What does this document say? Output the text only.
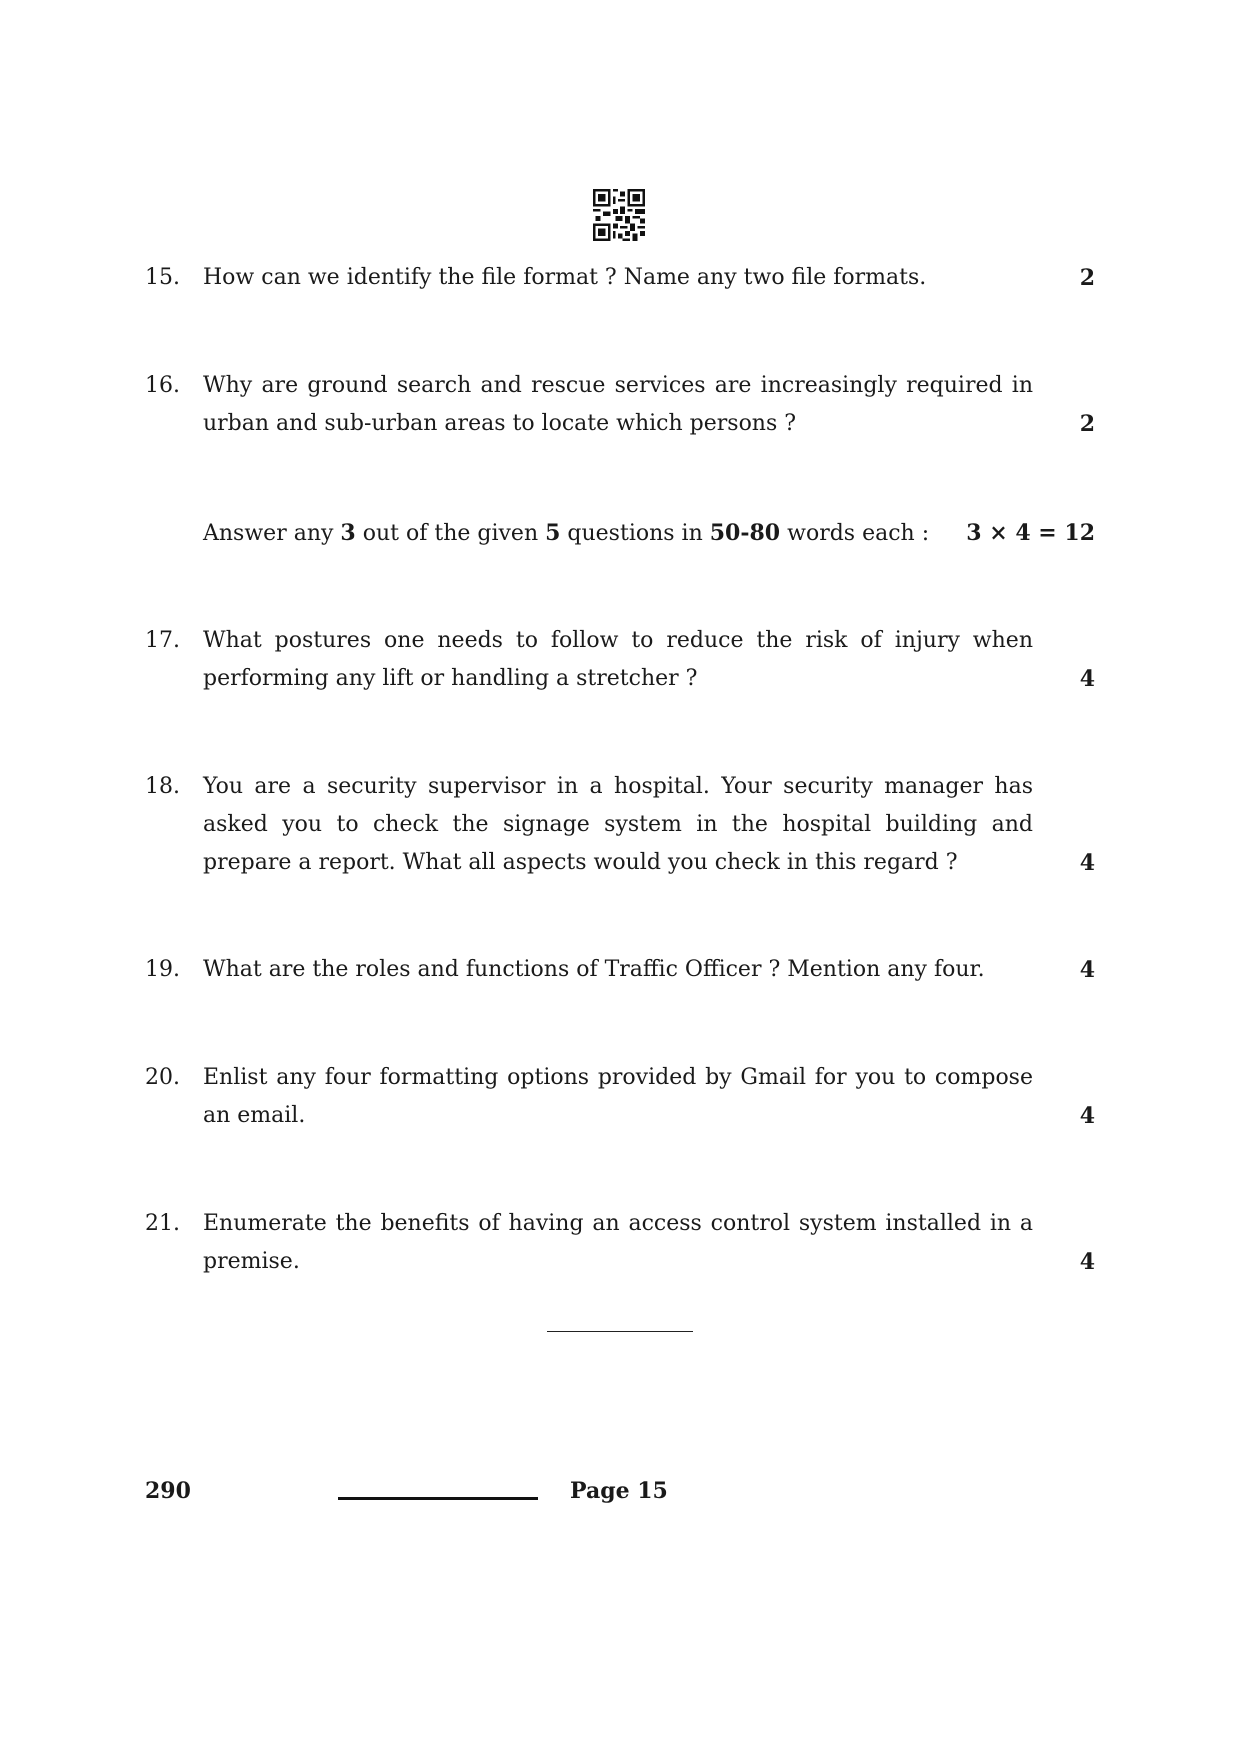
15.	How can we identify the file format ? Name any two file formats.	2
16.	Why are ground search and rescue services are increasingly required in urban and sub-urban areas to locate which persons ?	2
Answer any 3 out of the given 5 questions in 50-80 words each : 3 × 4 = 12
17.	What postures one needs to follow to reduce the risk of injury when performing any lift or handling a stretcher ?	4
18.	You are a security supervisor in a hospital. Your security manager has asked you to check the signage system in the hospital building and prepare a report. What all aspects would you check in this regard ?	4
19.	What are the roles and functions of Traffic Officer ? Mention any four.	4
20.	Enlist any four formatting options provided by Gmail for you to compose an email.	4
21.	Enumerate the benefits of having an access control system installed in a premise.	4
290	Page 15
